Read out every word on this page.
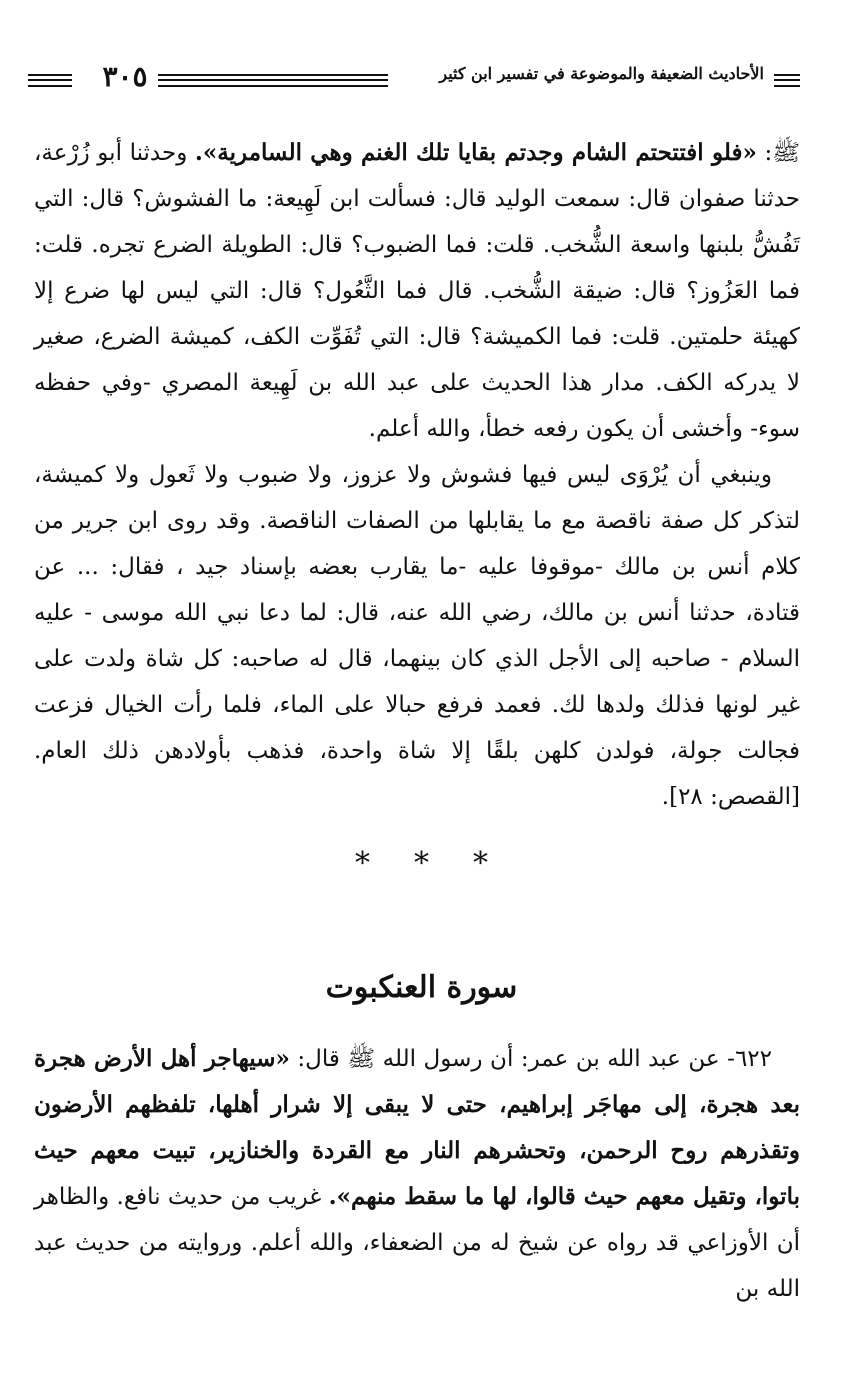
الأحاديث الضعيفة والموضوعة في تفسير ابن كثير
٣٠٥

ﷺ: «فلو افتتحتم الشام وجدتم بقايا تلك الغنم وهي السامرية». وحدثنا أبو زُرْعة، حدثنا صفوان قال: سمعت الوليد قال: فسألت ابن لَهِيعة: ما الفشوش؟ قال: التي تَفُشُّ بلبنها واسعة الشُّخب. قلت: فما الضبوب؟ قال: الطويلة الضرع تجره. قلت: فما العَزُوز؟ قال: ضيقة الشُّخب. قال فما الثَّعُول؟ قال: التي ليس لها ضرع إلا كهيئة حلمتين. قلت: فما الكميشة؟ قال: التي تُفَوِّت الكف، كميشة الضرع، صغير لا يدركه الكف. مدار هذا الحديث على عبد الله بن لَهِيعة المصري -وفي حفظه سوء- وأخشى أن يكون رفعه خطأ، والله أعلم.

وينبغي أن يُرْوَى ليس فيها فشوش ولا عزوز، ولا ضبوب ولا ثَعول ولا كميشة، لتذكر كل صفة ناقصة مع ما يقابلها من الصفات الناقصة. وقد روى ابن جرير من كلام أنس بن مالك -موقوفا عليه -ما يقارب بعضه بإسناد جيد ، فقال: ... عن قتادة، حدثنا أنس بن مالك، رضي الله عنه، قال: لما دعا نبي الله موسى - عليه السلام - صاحبه إلى الأجل الذي كان بينهما، قال له صاحبه: كل شاة ولدت على غير لونها فذلك ولدها لك. فعمد فرفع حبالا على الماء، فلما رأت الخيال فزعت فجالت جولة، فولدن كلهن بلقًا إلا شاة واحدة، فذهب بأولادهن ذلك العام. [القصص: ٢٨].

* * *
سورة العنكبوت

٦٢٢- عن عبد الله بن عمر: أن رسول الله ﷺ قال: «سيهاجر أهل الأرض هجرة بعد هجرة، إلى مهاجَر إبراهيم، حتى لا يبقى إلا شرار أهلها، تلفظهم الأرضون وتقذرهم روح الرحمن، وتحشرهم النار مع القردة والخنازير، تبيت معهم حيث باتوا، وتقيل معهم حيث قالوا، لها ما سقط منهم». غريب من حديث نافع. والظاهر أن الأوزاعي قد رواه عن شيخ له من الضعفاء، والله أعلم. وروايته من حديث عبد الله بن
